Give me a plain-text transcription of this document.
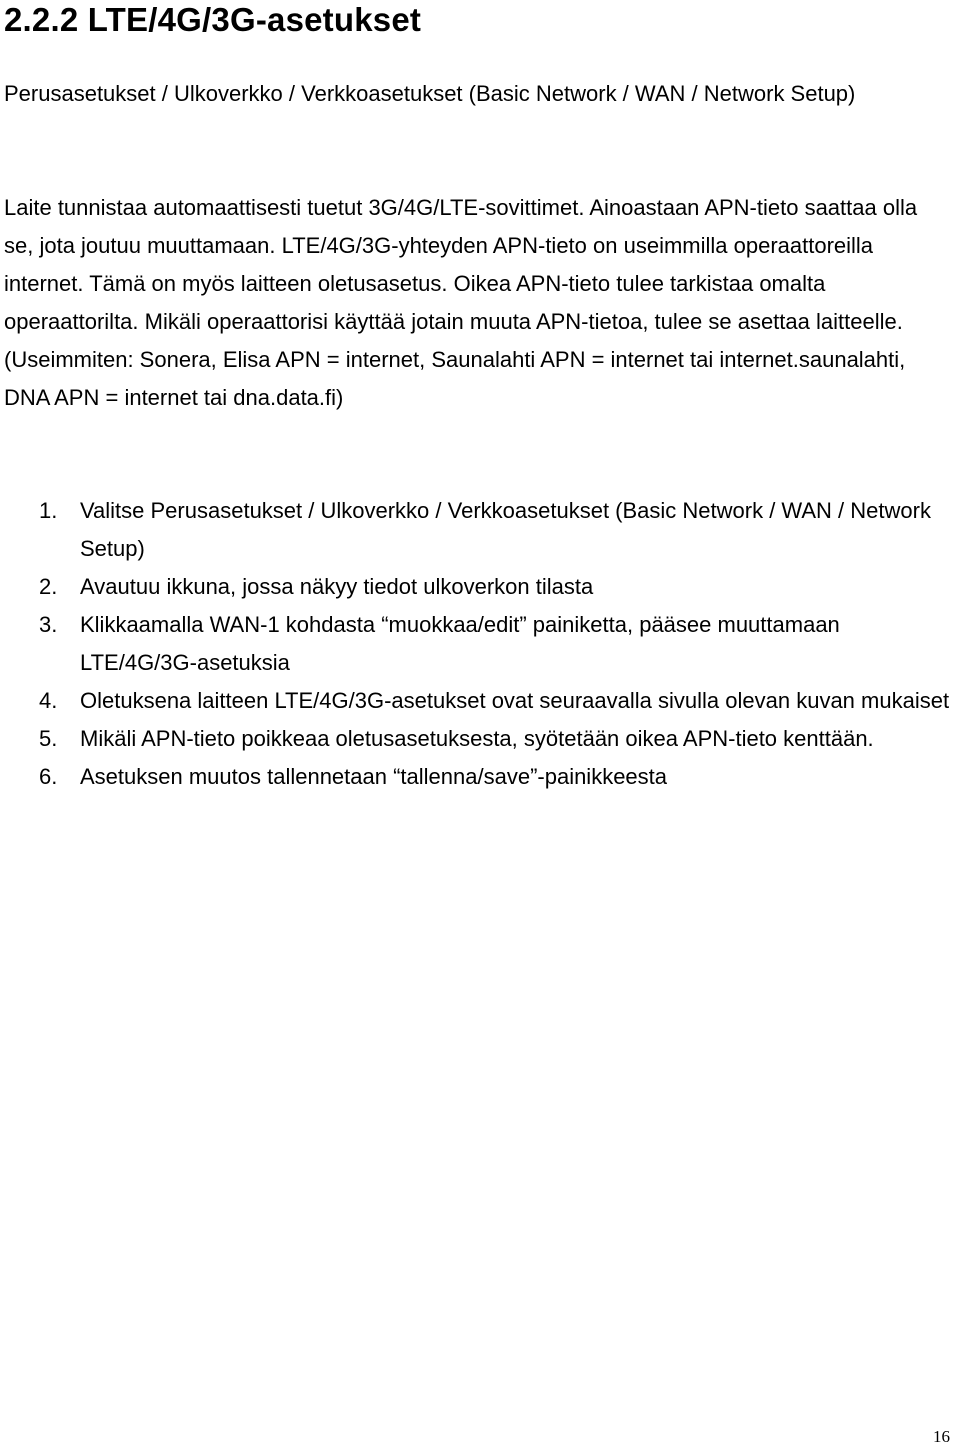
2.2.2 LTE/4G/3G-asetukset

Perusasetukset / Ulkoverkko / Verkkoasetukset (Basic Network / WAN / Network Setup)

Laite tunnistaa automaattisesti tuetut 3G/4G/LTE-sovittimet. Ainoastaan APN-tieto saattaa olla se, jota joutuu muuttamaan. LTE/4G/3G-yhteyden APN-tieto on useimmilla operaattoreilla internet. Tämä on myös laitteen oletusasetus. Oikea APN-tieto tulee tarkistaa omalta operaattorilta. Mikäli operaattorisi käyttää jotain muuta APN-tietoa, tulee se asettaa laitteelle.

(Useimmiten: Sonera, Elisa APN = internet, Saunalahti APN = internet tai internet.saunalahti, DNA APN = internet tai dna.data.fi)

1. Valitse Perusasetukset / Ulkoverkko / Verkkoasetukset (Basic Network / WAN / Network Setup)
2. Avautuu ikkuna, jossa näkyy tiedot ulkoverkon tilasta
3. Klikkaamalla WAN-1 kohdasta “muokkaa/edit” painiketta, pääsee muuttamaan LTE/4G/3G-asetuksia
4. Oletuksena laitteen LTE/4G/3G-asetukset ovat seuraavalla sivulla olevan kuvan mukaiset
5. Mikäli APN-tieto poikkeaa oletusasetuksesta, syötetään oikea APN-tieto kenttään.
6. Asetuksen muutos tallennetaan “tallenna/save”-painikkeesta
16
